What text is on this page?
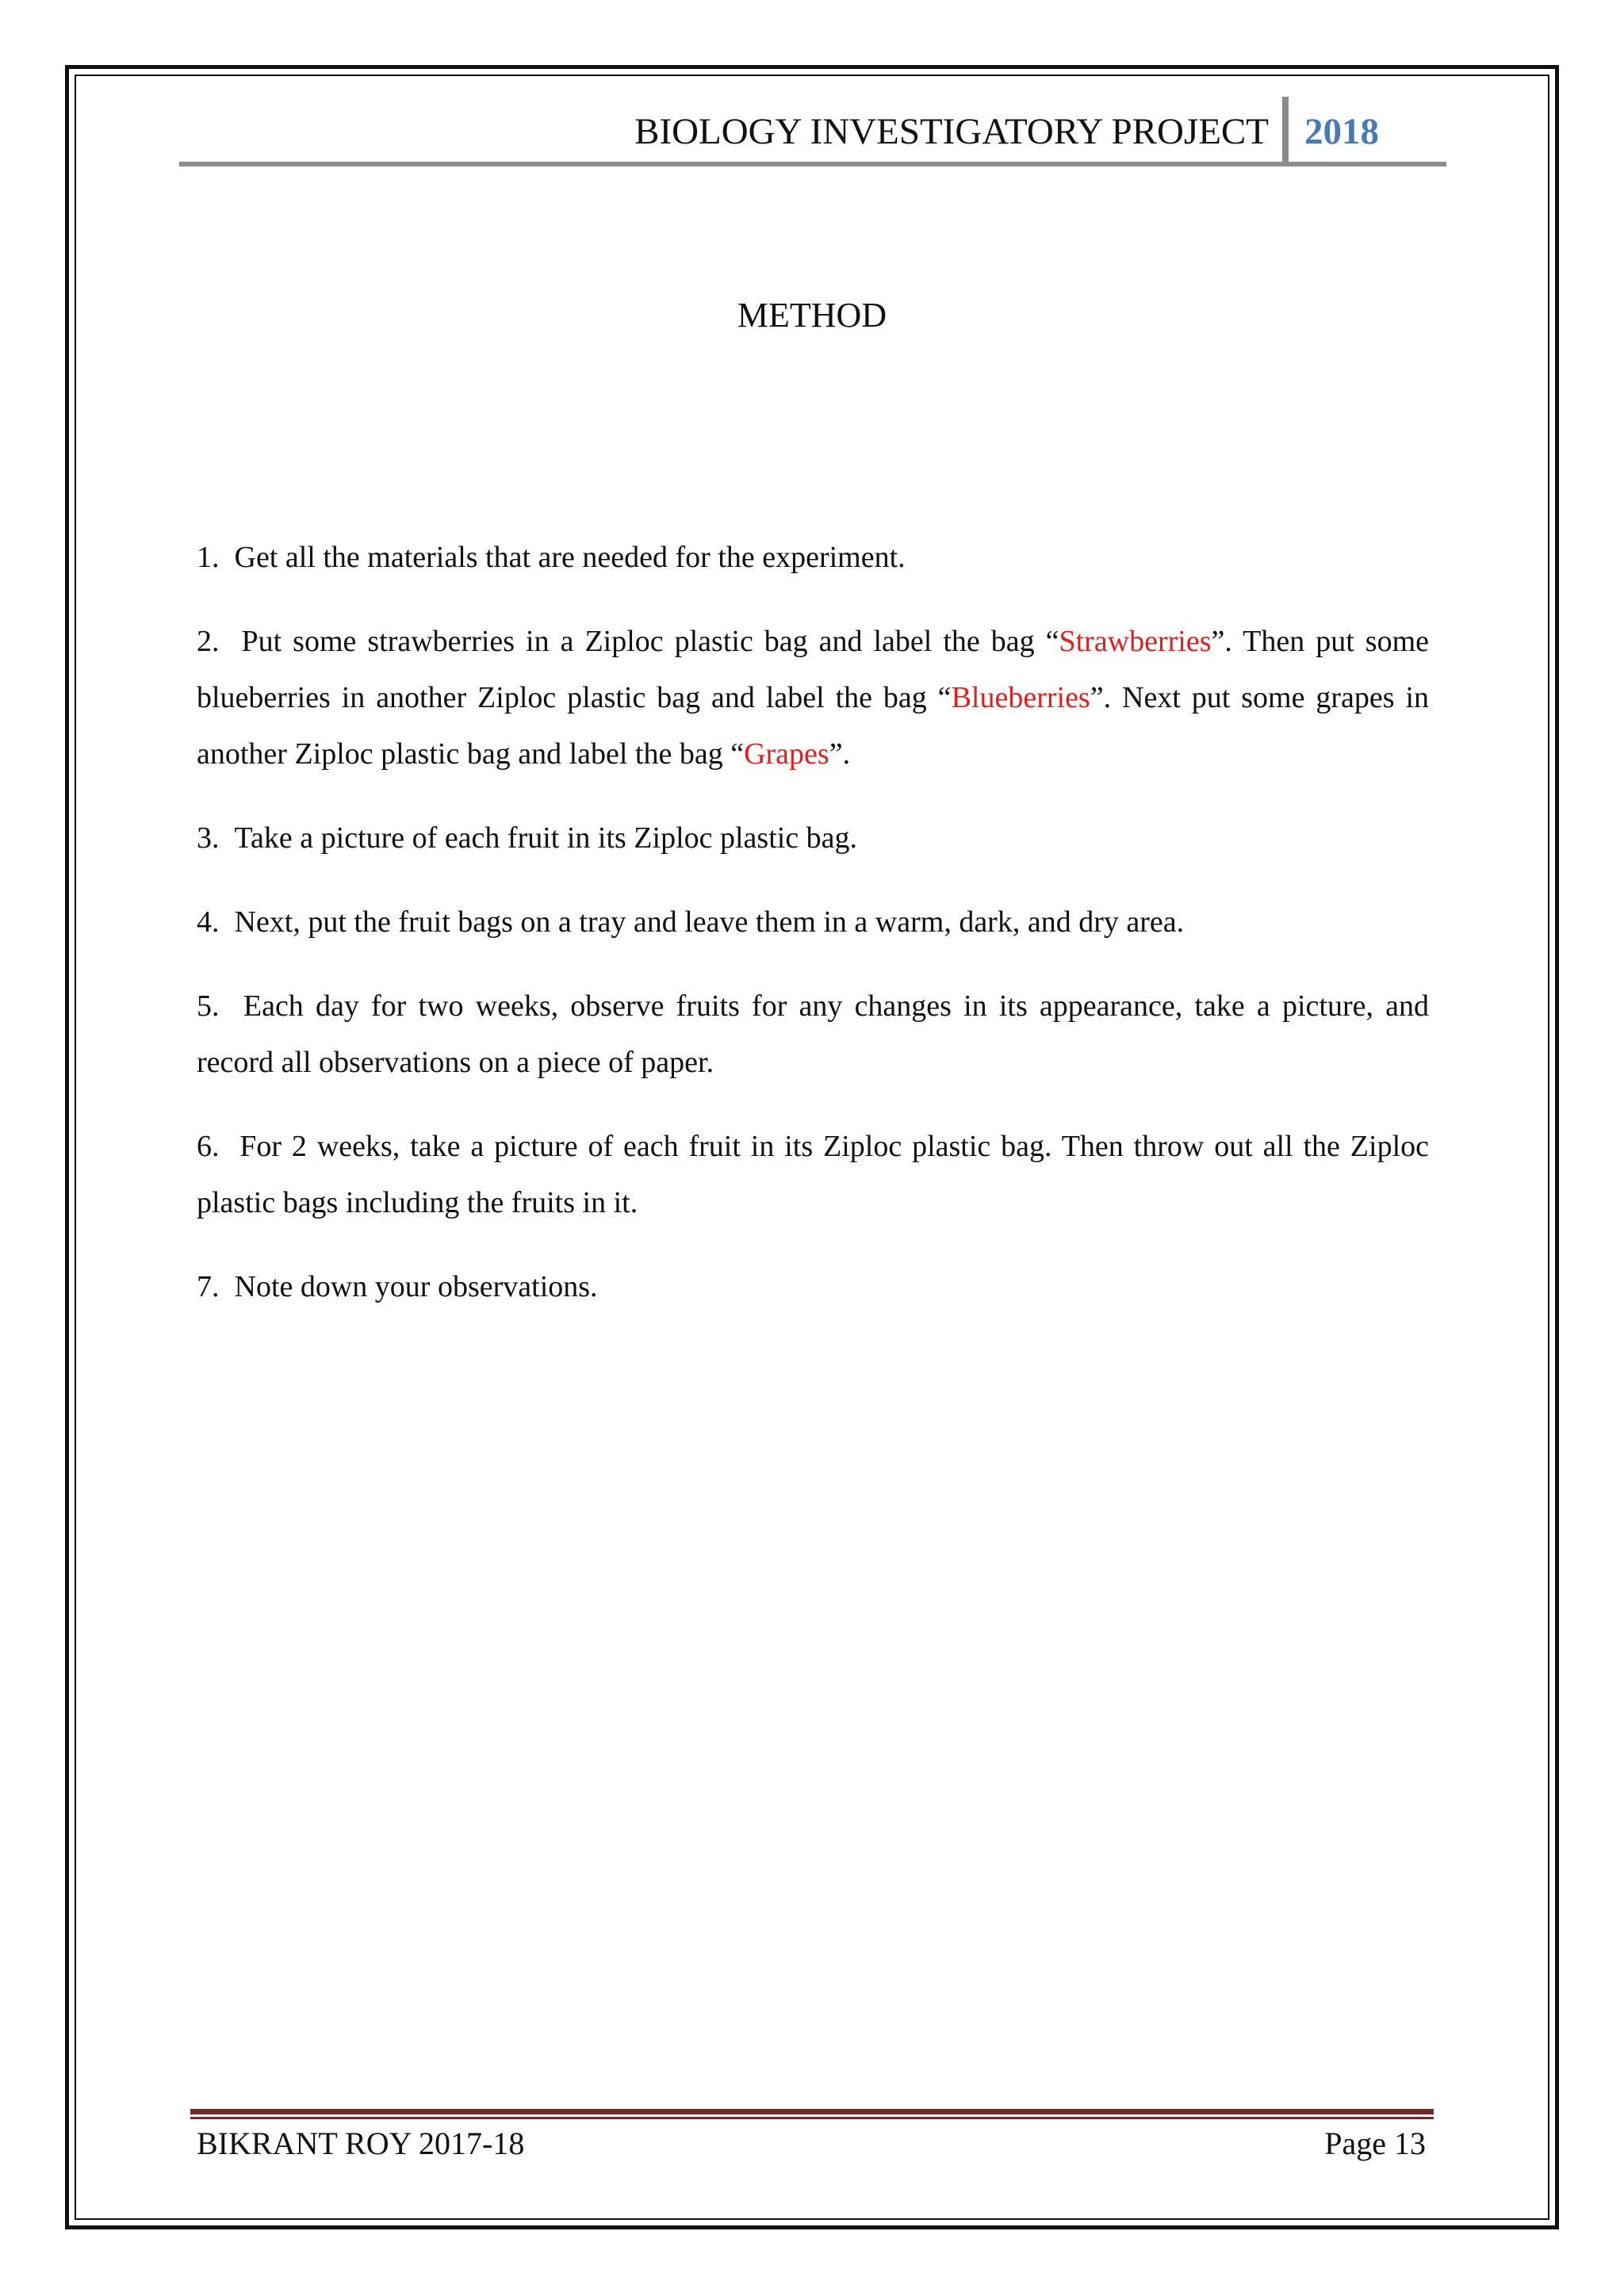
BIOLOGY INVESTIGATORY PROJECT 2018
METHOD
1. Get all the materials that are needed for the experiment.
2. Put some strawberries in a Ziploc plastic bag and label the bag “Strawberries”. Then put some blueberries in another Ziploc plastic bag and label the bag “Blueberries”. Next put some grapes in another Ziploc plastic bag and label the bag “Grapes”.
3. Take a picture of each fruit in its Ziploc plastic bag.
4. Next, put the fruit bags on a tray and leave them in a warm, dark, and dry area.
5. Each day for two weeks, observe fruits for any changes in its appearance, take a picture, and record all observations on a piece of paper.
6. For 2 weeks, take a picture of each fruit in its Ziploc plastic bag. Then throw out all the Ziploc plastic bags including the fruits in it.
7. Note down your observations.
BIKRANT ROY 2017-18	Page 13
